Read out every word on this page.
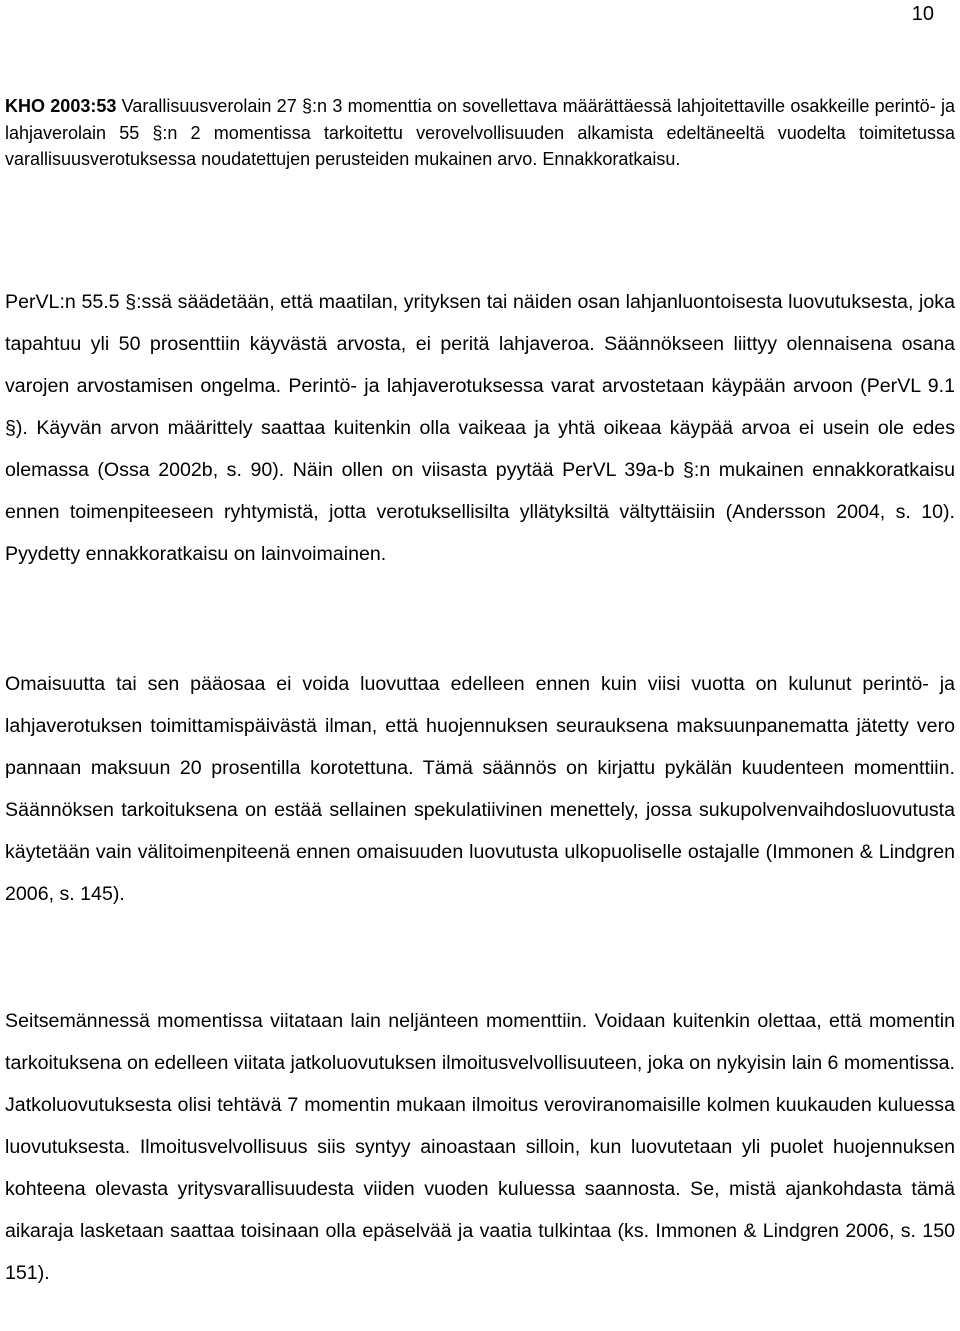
10

KHO 2003:53 Varallisuusverolain 27 §:n 3 momenttia on sovellettava määrättäessä lahjoitettaville osakkeille perintö- ja lahjaverolain 55 §:n 2 momentissa tarkoitettu verovelvollisuuden alkamista edeltäneeltä vuodelta toimitetussa varallisuusverotuksessa noudatettujen perusteiden mukainen arvo. Ennakkoratkaisu.

PerVL:n 55.5 §:ssä säädetään, että maatilan, yrityksen tai näiden osan lahjanluontoisesta luovutuksesta, joka tapahtuu yli 50 prosenttiin käyvästä arvosta, ei peritä lahjaveroa. Säännökseen liittyy olennaisena osana varojen arvostamisen ongelma. Perintö- ja lahjaverotuksessa varat arvostetaan käypään arvoon (PerVL 9.1 §). Käyvän arvon määrittely saattaa kuitenkin olla vaikeaa ja yhtä oikeaa käypää arvoa ei usein ole edes olemassa (Ossa 2002b, s. 90). Näin ollen on viisasta pyytää PerVL 39a-b §:n mukainen ennakkoratkaisu ennen toimenpiteeseen ryhtymistä, jotta verotuksellisilta yllätyksiltä vältyttäisiin (Andersson 2004, s. 10). Pyydetty ennakkoratkaisu on lainvoimainen.

Omaisuutta tai sen pääosaa ei voida luovuttaa edelleen ennen kuin viisi vuotta on kulunut perintö- ja lahjaverotuksen toimittamispäivästä ilman, että huojennuksen seurauksena maksuunpanematta jätetty vero pannaan maksuun 20 prosentilla korotettuna. Tämä säännös on kirjattu pykälän kuudenteen momenttiin. Säännöksen tarkoituksena on estää sellainen spekulatiivinen menettely, jossa sukupolvenvaihdosluovutusta käytetään vain välitoimenpiteenä ennen omaisuuden luovutusta ulkopuoliselle ostajalle (Immonen & Lindgren 2006, s. 145).

Seitsemännessä momentissa viitataan lain neljänteen momenttiin. Voidaan kuitenkin olettaa, että momentin tarkoituksena on edelleen viitata jatkoluovutuksen ilmoitusvelvollisuuteen, joka on nykyisin lain 6 momentissa. Jatkoluovutuksesta olisi tehtävä 7 momentin mukaan ilmoitus veroviranomaisille kolmen kuukauden kuluessa luovutuksesta. Ilmoitusvelvollisuus siis syntyy ainoastaan silloin, kun luovutetaan yli puolet huojennuksen kohteena olevasta yritysvarallisuudesta viiden vuoden kuluessa saannosta. Se, mistä ajankohdasta tämä aikaraja lasketaan saattaa toisinaan olla epäselvää ja vaatia tulkintaa (ks. Immonen & Lindgren 2006, s. 150 151).
